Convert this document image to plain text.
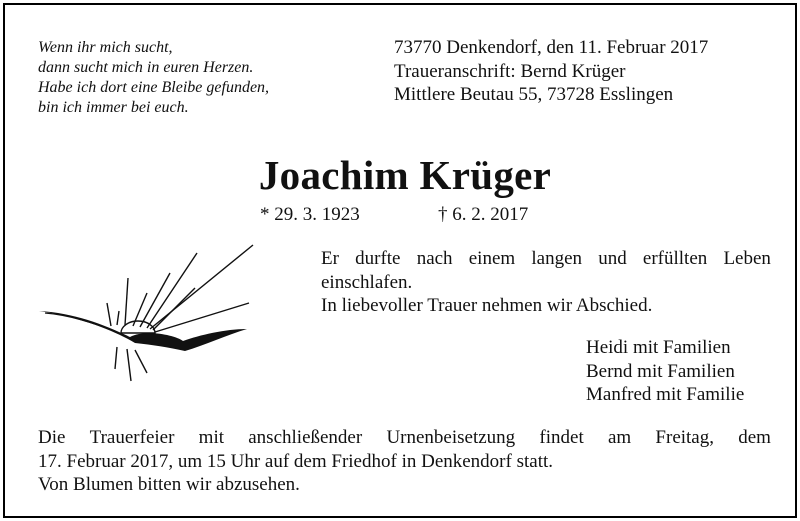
Wenn ihr mich sucht,
dann sucht mich in euren Herzen.
Habe ich dort eine Bleibe gefunden,
bin ich immer bei euch.
73770 Denkendorf, den 11. Februar 2017
Traueranschrift: Bernd Krüger
Mittlere Beutau 55, 73728 Esslingen
Joachim Krüger
* 29. 3. 1923	† 6. 2. 2017
Er durfte nach einem langen und erfüllten Leben
einschlafen.
In liebevoller Trauer nehmen wir Abschied.
Heidi mit Familien
Bernd mit Familien
Manfred mit Familie
Die Trauerfeier mit anschließender Urnenbeisetzung findet am Freitag, dem
17. Februar 2017, um 15 Uhr auf dem Friedhof in Denkendorf statt.
Von Blumen bitten wir abzusehen.
